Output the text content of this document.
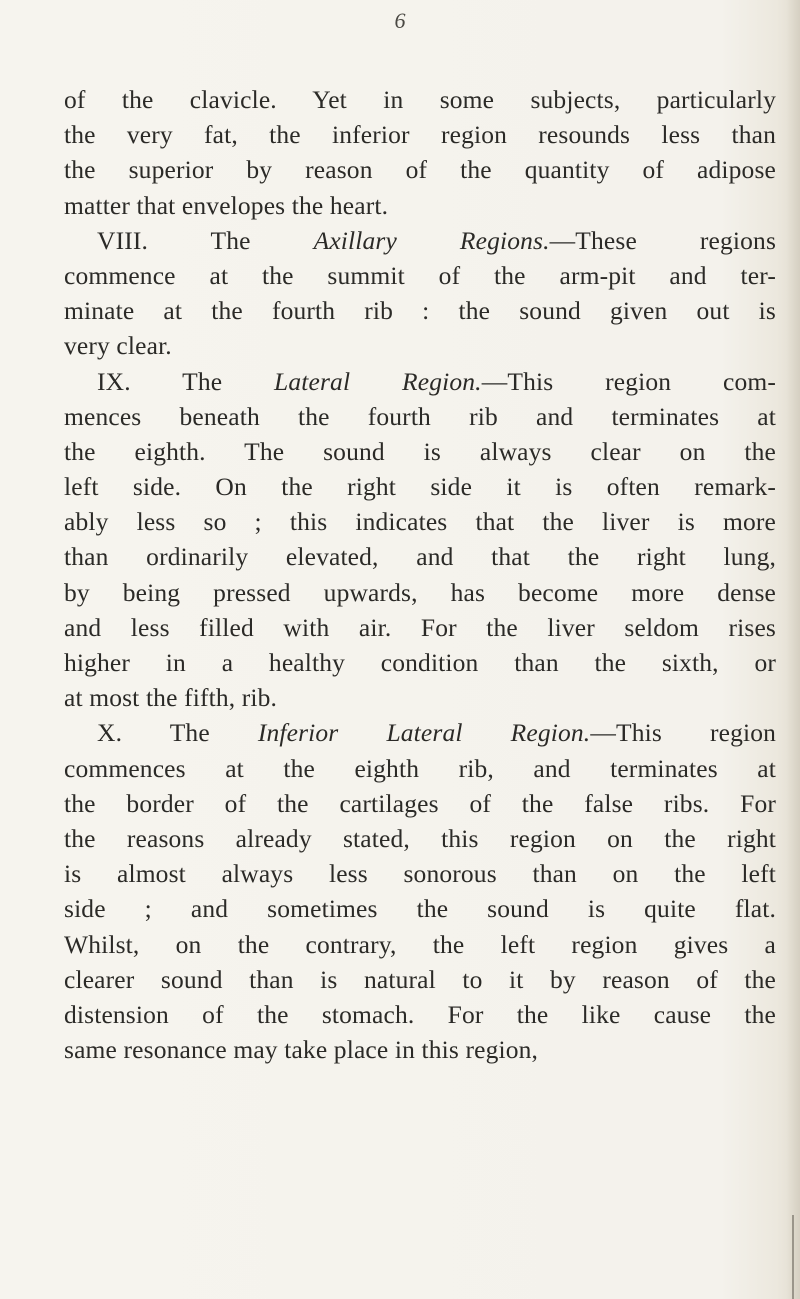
6
of the clavicle. Yet in some subjects, particularly
the very fat, the inferior region resounds less than
the superior by reason of the quantity of adipose
matter that envelopes the heart.
VIII. The Axillary Regions.—These regions
commence at the summit of the arm-pit and ter-
minate at the fourth rib : the sound given out is
very clear.
IX. The Lateral Region.—This region com-
mences beneath the fourth rib and terminates at
the eighth. The sound is always clear on the
left side. On the right side it is often remark-
ably less so ; this indicates that the liver is more
than ordinarily elevated, and that the right lung,
by being pressed upwards, has become more dense
and less filled with air. For the liver seldom rises
higher in a healthy condition than the sixth, or
at most the fifth, rib.
X. The Inferior Lateral Region.—This region
commences at the eighth rib, and terminates at
the border of the cartilages of the false ribs. For
the reasons already stated, this region on the right
is almost always less sonorous than on the left
side ; and sometimes the sound is quite flat.
Whilst, on the contrary, the left region gives a
clearer sound than is natural to it by reason of the
distension of the stomach. For the like cause the
same resonance may take place in this region,
